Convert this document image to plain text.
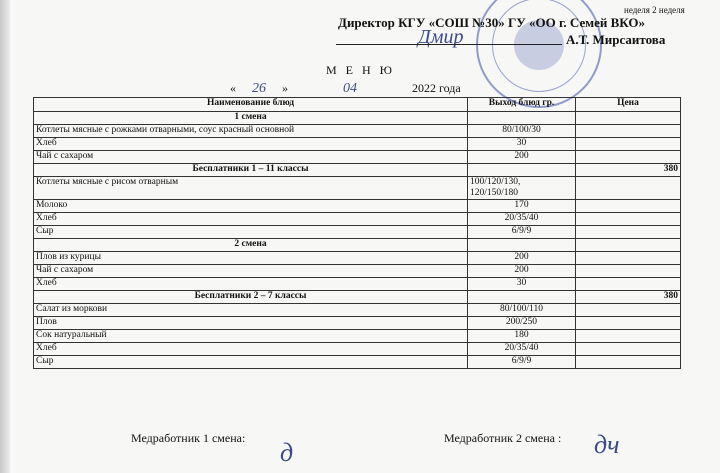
неделя 2 неделя
Директор КГУ «СОШ №30» ГУ «ОО г. Семей ВКО»
Дмир	А.Т. Мирсаитова
М Е Н Ю
« 26 »	04	2022 года
Наименование блюд	Выход блюд гр.	Цена
1 смена		
Котлеты мясные с рожками отварными, соус красный основной	80/100/30	
Хлеб	30	
Чай с сахаром	200	
Бесплатники 1 – 11 классы		380
Котлеты мясные с рисом отварным	100/120/130,
120/150/180	
Молоко	170	
Хлеб	20/35/40	
Сыр	6/9/9	
2 смена		
Плов из курицы	200	
Чай с сахаром	200	
Хлеб	30	
Бесплатники 2 – 7 классы		380
Салат из моркови	80/100/110	
Плов	200/250	
Сок натуральный	180	
Хлеб	20/35/40	
Сыр	6/9/9	
Медработник 1 смена: д	Медработник 2 смена : дч
